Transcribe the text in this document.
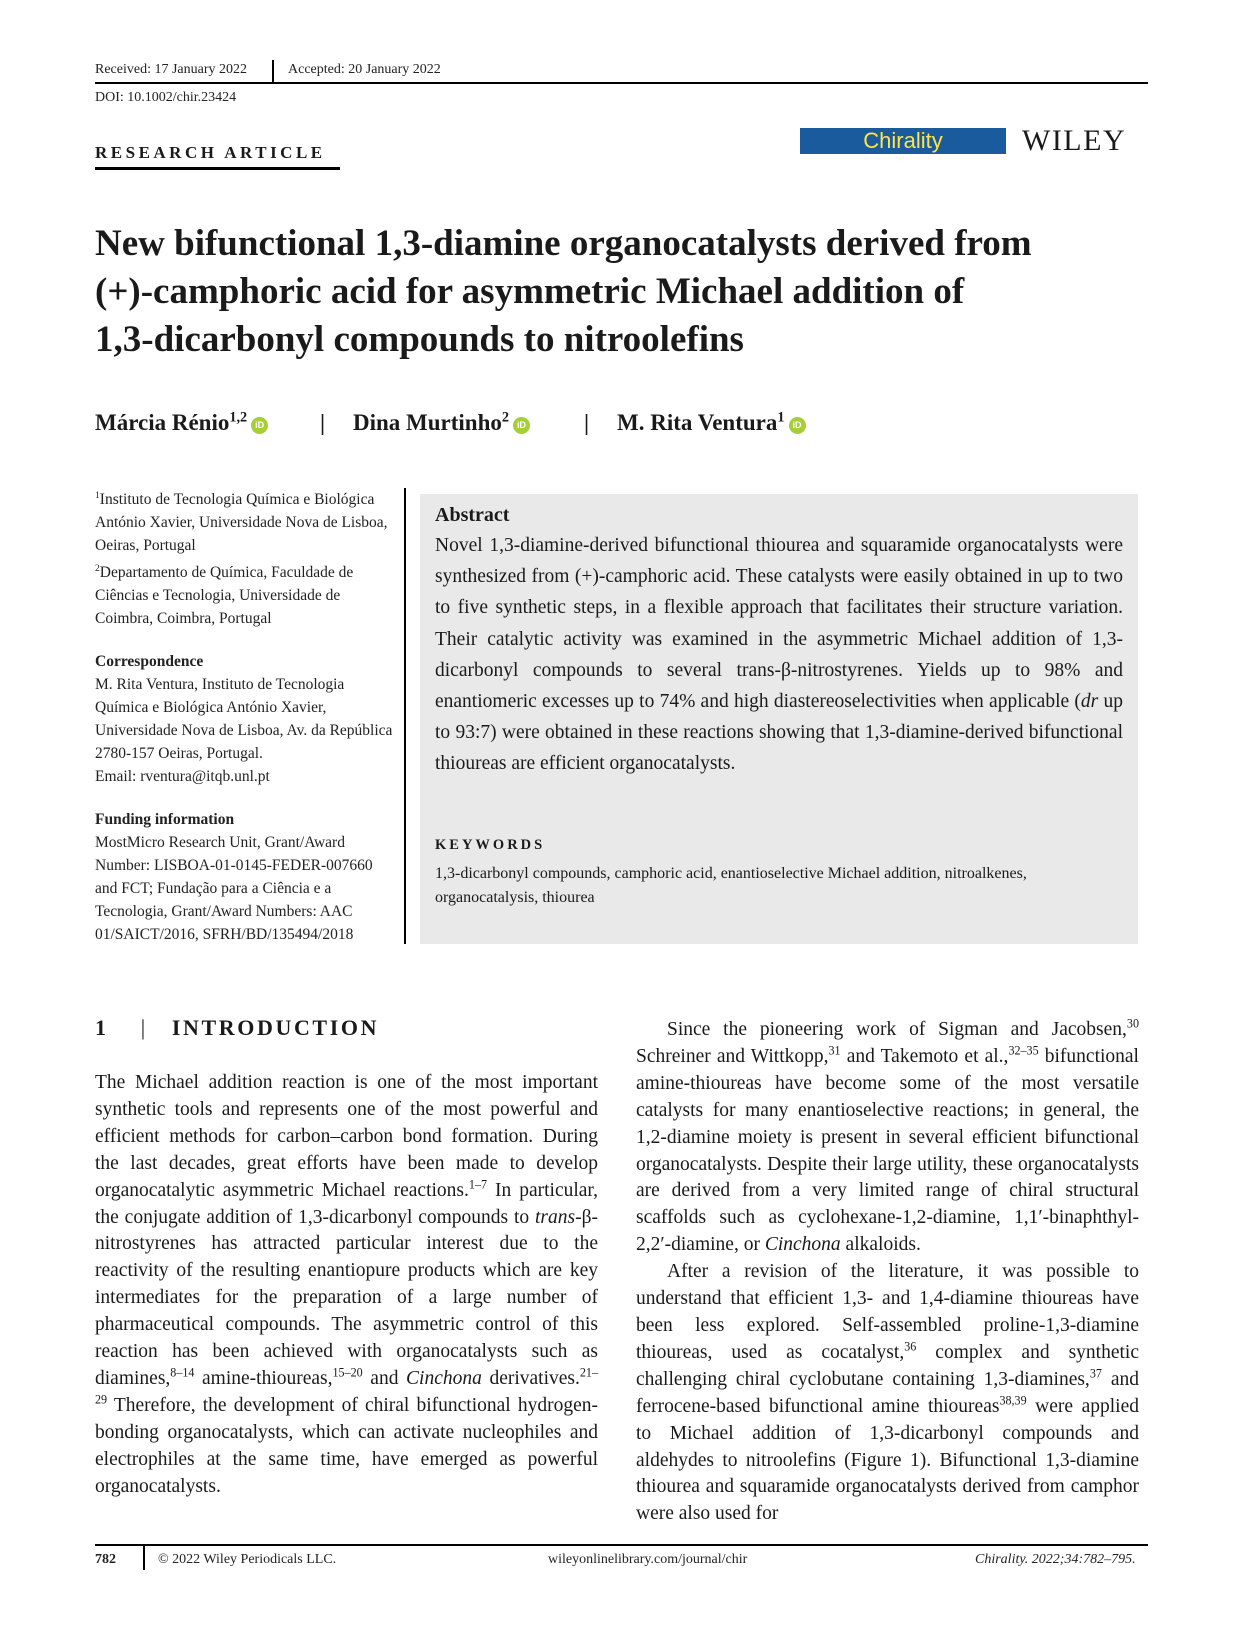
Received: 17 January 2022	Accepted: 20 January 2022
DOI: 10.1002/chir.23424
RESEARCH ARTICLE	Chirality	WILEY
New bifunctional 1,3-diamine organocatalysts derived from
(+)-camphoric acid for asymmetric Michael addition of
1,3-dicarbonyl compounds to nitroolefins
Márcia Rénio$^{1,2}$ iD | Dina Murtinho$^2$ iD	| M. Rita Ventura$^1$ iD

$^1$Instituto de Tecnologia Química e Biológica António Xavier, Universidade Nova de Lisboa, Oeiras, Portugal

$^2$Departamento de Química, Faculdade de Ciências e Tecnologia, Universidade de Coimbra, Coimbra, Portugal

Correspondence

M. Rita Ventura, Instituto de Tecnologia Química e Biológica António Xavier, Universidade Nova de Lisboa, Av. da República 2780-157 Oeiras, Portugal.

Email: rventura@itqb.unl.pt

Funding information

MostMicro Research Unit, Grant/Award Number: LISBOA-01-0145-FEDER-007660 and FCT; Fundação para a Ciência e a Tecnologia, Grant/Award Numbers: AAC 01/SAICT/2016, SFRH/BD/135494/2018

Abstract
Novel 1,3-diamine-derived bifunctional thiourea and squaramide organocatalysts were synthesized from (+)-camphoric acid. These catalysts were easily obtained in up to two to five synthetic steps, in a flexible approach that facilitates their structure variation. Their catalytic activity was examined in the asymmetric Michael addition of 1,3-dicarbonyl compounds to several trans-β-nitrostyrenes. Yields up to 98% and enantiomeric excesses up to 74% and high diastereoselectivities when applicable (dr up to 93:7) were obtained in these reactions showing that 1,3-diamine-derived bifunctional thioureas are efficient organocatalysts.
KEYWORDS
1,3-dicarbonyl compounds, camphoric acid, enantioselective Michael addition, nitroalkenes, organocatalysis, thiourea
1 | INTRODUCTION

The Michael addition reaction is one of the most important synthetic tools and represents one of the most powerful and efficient methods for carbon–carbon bond formation. During the last decades, great efforts have been made to develop organocatalytic asymmetric Michael reactions.$^{1-7}$ In particular, the conjugate addition of 1,3-dicarbonyl compounds to trans-β-nitrostyrenes has attracted particular interest due to the reactivity of the resulting enantiopure products which are key intermediates for the preparation of a large number of pharmaceutical compounds. The asymmetric control of this reaction has been achieved with organocatalysts such as diamines,$^{8-14}$ amine-thioureas,$^{15-20}$ and Cinchona derivatives.$^{21-29}$ Therefore, the development of chiral bifunctional hydrogen-bonding organocatalysts, which can activate nucleophiles and electrophiles at the same time, have emerged as powerful organocatalysts.

Since the pioneering work of Sigman and Jacobsen,$^{30}$ Schreiner and Wittkopp,$^{31}$ and Takemoto et al.,$^{32-35}$ bifunctional amine-thioureas have become some of the most versatile catalysts for many enantioselective reactions; in general, the 1,2-diamine moiety is present in several efficient bifunctional organocatalysts. Despite their large utility, these organocatalysts are derived from a very limited range of chiral structural scaffolds such as cyclohexane-1,2-diamine, 1,1′-binaphthyl-2,2′-diamine, or Cinchona alkaloids.

After a revision of the literature, it was possible to understand that efficient 1,3- and 1,4-diamine thioureas have been less explored. Self-assembled proline-1,3-diamine thioureas, used as cocatalyst,$^{36}$ complex and synthetic challenging chiral cyclobutane containing 1,3-diamines,$^{37}$ and ferrocene-based bifunctional amine thioureas$^{38,39}$ were applied to Michael addition of 1,3-dicarbonyl compounds and aldehydes to nitroolefins (Figure 1). Bifunctional 1,3-diamine thiourea and squaramide organocatalysts derived from camphor were also used for

782	© 2022 Wiley Periodicals LLC.	wileyonlinelibrary.com/journal/chir	Chirality. 2022;34:782–795.
